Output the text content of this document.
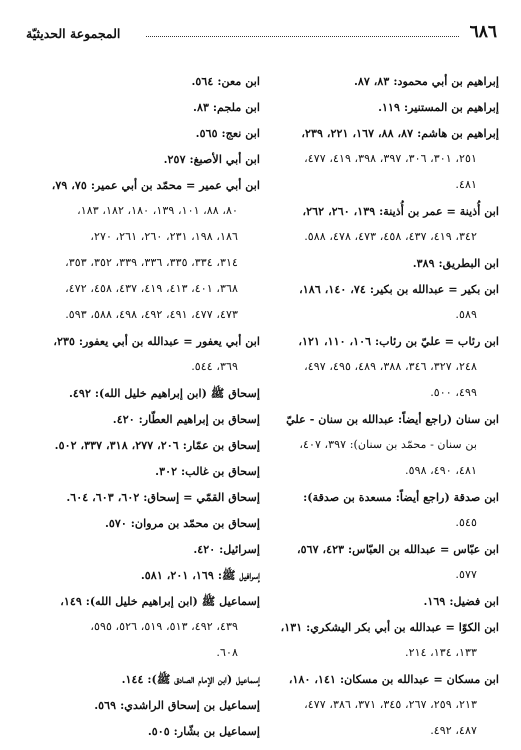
٦٨٦
المجموعة الحديثيّة
إبراهيم بن أبي محمود: ٨٣، ٨٧.
إبراهيم بن المستنير: ١١٩.
إبراهيم بن هاشم: ٨٧، ٨٨، ١٦٧، ٢٢١، ٢٣٩،
٢٥١، ٣٠١، ٣٠٦، ٣٩٧، ٣٩٨، ٤١٩، ٤٧٧،
٤٨١.
ابن أُذينة = عمر بن أُذينة: ١٣٩، ٢٦٠، ٢٦٢،
٣٤٢، ٤١٩، ٤٣٧، ٤٥٨، ٤٧٣، ٤٧٨، ٥٨٨.
ابن البطريق: ٣٨٩.
ابن بكير = عبدالله بن بكير: ٧٤، ١٤٠، ١٨٦،
٥٨٩.
ابن رئاب = عليّ بن رئاب: ١٠٦، ١١٠، ١٢١،
٢٤٨، ٣٢٧، ٣٤٦، ٣٨٨، ٤٨٩، ٤٩٥، ٤٩٧،
٤٩٩، ٥٠٠.
ابن سنان (راجع أيضاً: عبدالله بن سنان - عليّ
بن سنان - محمّد بن سنان): ٣٩٧، ٤٠٧،
٤٨١، ٤٩٠، ٥٩٨.
ابن صدقة (راجع أيضاً: مسعدة بن صدقة):
٥٤٥.
ابن عبّاس = عبدالله بن العبّاس: ٤٢٣، ٥٦٧،
٥٧٧.
ابن فضيل: ١٦٩.
ابن الكوّا = عبدالله بن أبي بكر اليشكري: ١٣١،
١٣٣، ١٣٤، ٢١٤.
ابن مسكان = عبدالله بن مسكان: ١٤١، ١٨٠،
٢١٣، ٢٥٩، ٢٦٧، ٣٤٥، ٣٧١، ٣٨٦، ٤٧٧،
٤٨٧، ٤٩٢.
ابن معن: ٥٦٤.
ابن ملجم: ٨٣.
ابن نعج: ٥٦٥.
ابن أبي الأصبغ: ٢٥٧.
ابن أبي عمير = محمّد بن أبي عمير: ٧٥، ٧٩،
٨٠، ٨٨، ١٠١، ١٣٩، ١٨٠، ١٨٢، ١٨٣،
١٨٦، ١٩٨، ٢٣١، ٢٦٠، ٢٦١، ٢٧٠،
٣١٤، ٣٣٤، ٣٣٥، ٣٣٦، ٣٣٩، ٣٥٢، ٣٥٣،
٣٦٨، ٤٠١، ٤١٣، ٤١٩، ٤٣٧، ٤٥٨، ٤٧٢،
٤٧٣، ٤٧٧، ٤٩١، ٤٩٢، ٤٩٨، ٥٨٨، ٥٩٣.
ابن أبي يعفور = عبدالله بن أبي يعفور: ٢٣٥،
٣٦٩، ٥٤٤.
إسحاق ﷺ (ابن إبراهيم خليل الله): ٤٩٢.
إسحاق بن إبراهيم العطّار: ٤٢٠.
إسحاق بن عمّار: ٢٠٦، ٢٧٧، ٣١٨، ٣٣٧، ٥٠٢.
إسحاق بن غالب: ٣٠٢.
إسحاق القمّي = إسحاق: ٦٠٢، ٦٠٣، ٦٠٤.
إسحاق بن محمّد بن مروان: ٥٧٠.
إسرائيل: ٤٢٠.
إسرافيل ﷺ: ١٦٩، ٢٠١، ٥٨١.
إسماعيل ﷺ (ابن إبراهيم خليل الله): ١٤٩،
٤٣٩، ٤٩٢، ٥١٣، ٥١٩، ٥٢٦، ٥٩٥،
٦٠٨.
إسماعيل (ابن الإمام الصادق ﷺ): ١٤٤.
إسماعيل بن إسحاق الراشدي: ٥٦٩.
إسماعيل بن بشّار: ٥٠٥.
